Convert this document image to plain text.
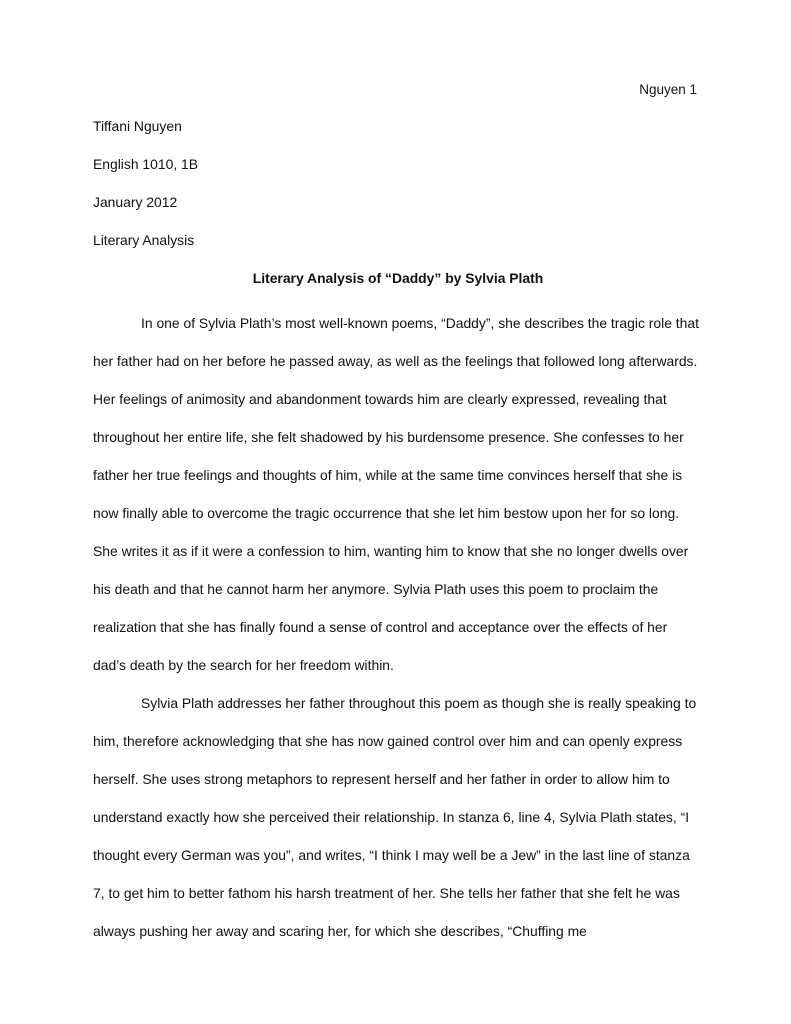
Nguyen 1
Tiffani Nguyen
English 1010, 1B
January 2012
Literary Analysis
Literary Analysis of “Daddy” by Sylvia Plath

In one of Sylvia Plath’s most well-known poems, “Daddy”, she describes the tragic role that her father had on her before he passed away, as well as the feelings that followed long afterwards. Her feelings of animosity and abandonment towards him are clearly expressed, revealing that throughout her entire life, she felt shadowed by his burdensome presence. She confesses to her father her true feelings and thoughts of him, while at the same time convinces herself that she is now finally able to overcome the tragic occurrence that she let him bestow upon her for so long. She writes it as if it were a confession to him, wanting him to know that she no longer dwells over his death and that he cannot harm her anymore. Sylvia Plath uses this poem to proclaim the realization that she has finally found a sense of control and acceptance over the effects of her dad’s death by the search for her freedom within.

Sylvia Plath addresses her father throughout this poem as though she is really speaking to him, therefore acknowledging that she has now gained control over him and can openly express herself. She uses strong metaphors to represent herself and her father in order to allow him to understand exactly how she perceived their relationship. In stanza 6, line 4, Sylvia Plath states, “I thought every German was you”, and writes, “I think I may well be a Jew” in the last line of stanza 7, to get him to better fathom his harsh treatment of her. She tells her father that she felt he was always pushing her away and scaring her, for which she describes, “Chuffing me
